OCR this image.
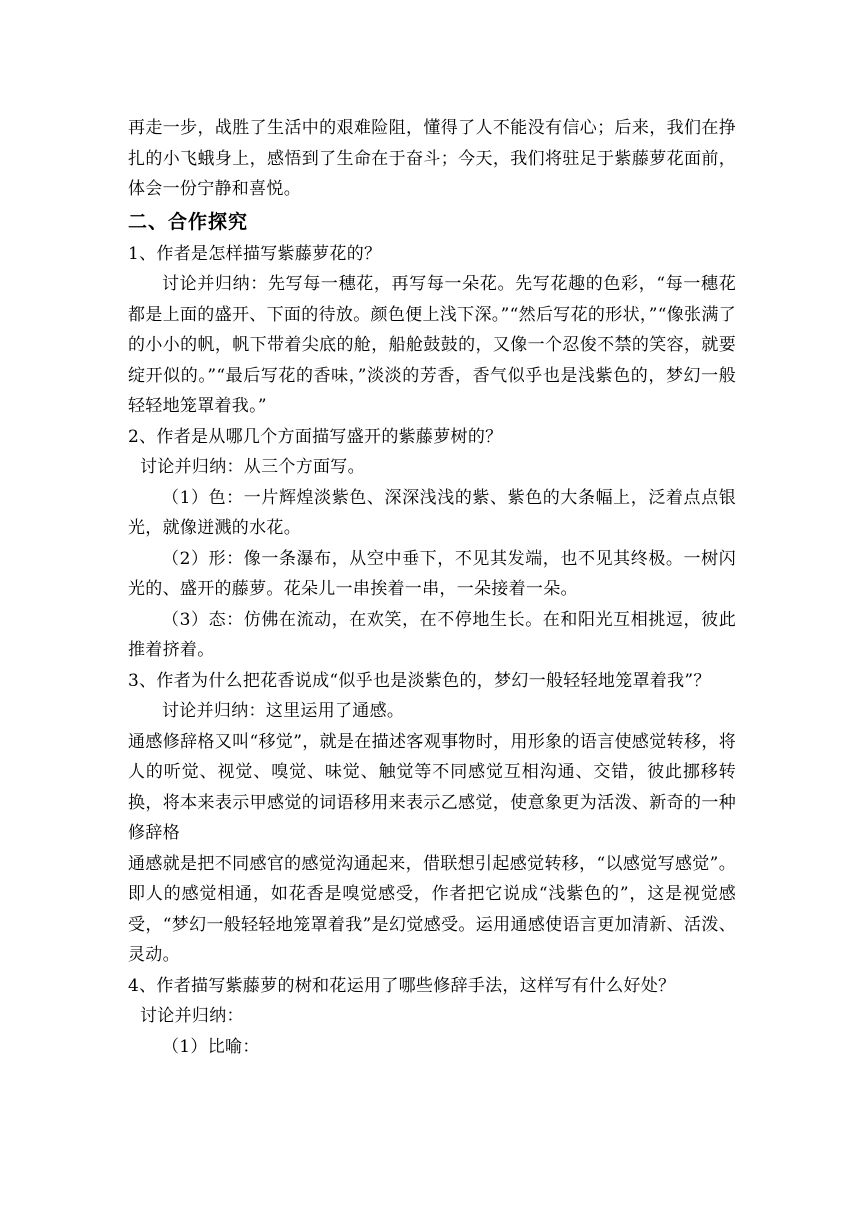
再走一步，战胜了生活中的艰难险阻，懂得了人不能没有信心；后来，我们在挣扎的小飞蛾身上，感悟到了生命在于奋斗；今天，我们将驻足于紫藤萝花面前，体会一份宁静和喜悦。

二、合作探究

1、作者是怎样描写紫藤萝花的？

讨论并归纳：先写每一穗花，再写每一朵花。先写花趣的色彩，“每一穗花都是上面的盛开、下面的待放。颜色便上浅下深。”“然后写花的形状，”“像张满了的小小的帆，帆下带着尖底的舱，船舱鼓鼓的，又像一个忍俊不禁的笑容，就要绽开似的。”“最后写花的香味，”淡淡的芳香，香气似乎也是浅紫色的，梦幻一般轻轻地笼罩着我。”

2、作者是从哪几个方面描写盛开的紫藤萝树的？

讨论并归纳：从三个方面写。

（1）色：一片辉煌淡紫色、深深浅浅的紫、紫色的大条幅上，泛着点点银光，就像迸溅的水花。

（2）形：像一条瀑布，从空中垂下，不见其发端，也不见其终极。一树闪光的、盛开的藤萝。花朵儿一串挨着一串，一朵接着一朵。

（3）态：仿佛在流动，在欢笑，在不停地生长。在和阳光互相挑逗，彼此推着挤着。

3、作者为什么把花香说成“似乎也是淡紫色的，梦幻一般轻轻地笼罩着我”？

讨论并归纳：这里运用了通感。

通感修辞格又叫“移觉”，就是在描述客观事物时，用形象的语言使感觉转移，将人的听觉、视觉、嗅觉、味觉、触觉等不同感觉互相沟通、交错，彼此挪移转换，将本来表示甲感觉的词语移用来表示乙感觉，使意象更为活泼、新奇的一种修辞格

通感就是把不同感官的感觉沟通起来，借联想引起感觉转移，“以感觉写感觉”。即人的感觉相通，如花香是嗅觉感受，作者把它说成“浅紫色的”，这是视觉感受，“梦幻一般轻轻地笼罩着我”是幻觉感受。运用通感使语言更加清新、活泼、灵动。

4、作者描写紫藤萝的树和花运用了哪些修辞手法，这样写有什么好处？

讨论并归纳：

（1）比喻：
